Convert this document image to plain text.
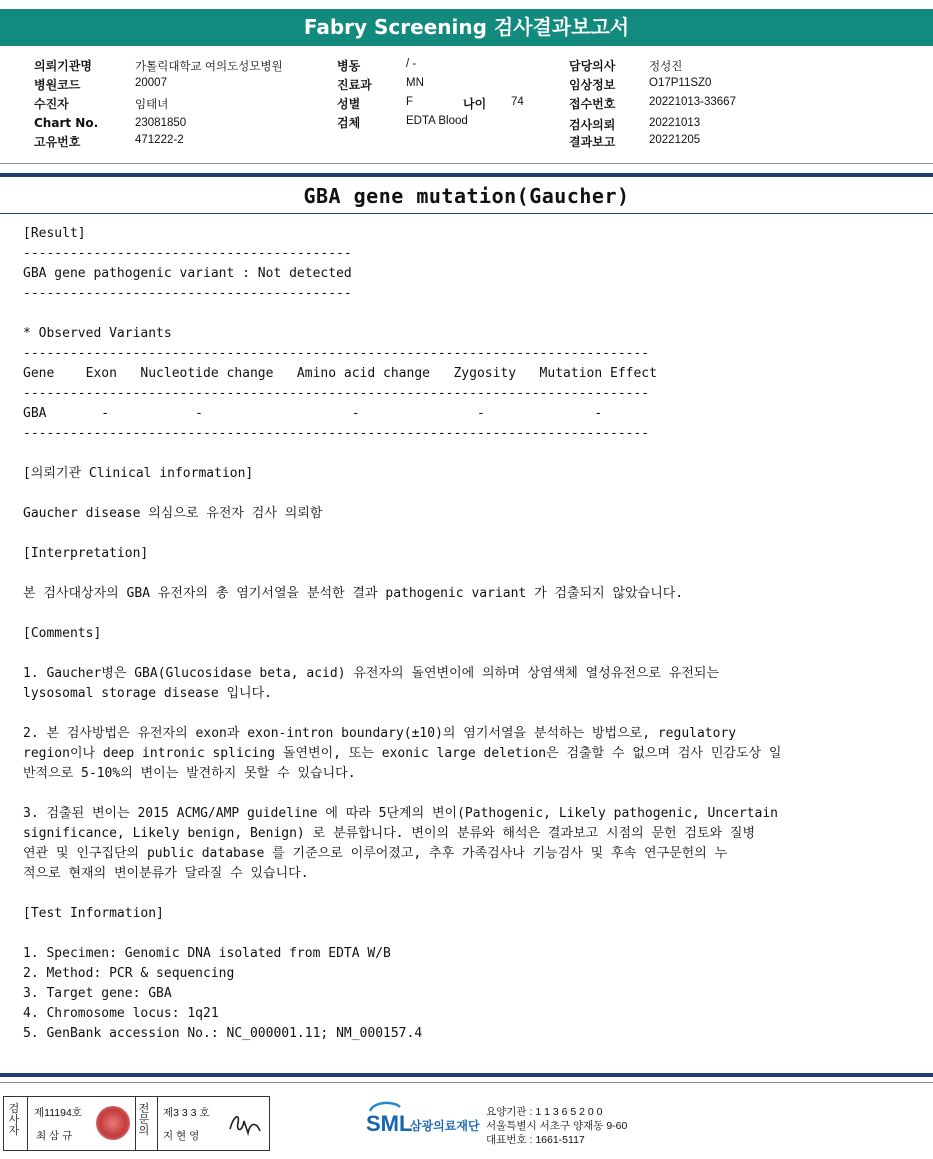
Fabry Screening 검사결과보고서
의뢰기관명	가톨릭대학교 여의도성모병원
병원코드	20007
수진자	임태녀
Chart No.	23081850
고유번호	471222-2
병동	/ -
진료과	MN
성별	F	나이 74
검체	EDTA Blood
담당의사	정성진
임상정보	O17P11SZ0
접수번호	20221013-33667
검사의뢰	20221013
결과보고	20221205
GBA gene mutation(Gaucher)
[Result]
------------------------------------------
GBA gene pathogenic variant : Not detected
------------------------------------------
* Observed Variants
--------------------------------------------------------------------------------
Gene    Exon   Nucleotide change   Amino acid change   Zygosity   Mutation Effect
--------------------------------------------------------------------------------
GBA       -           -                   -               -              -
--------------------------------------------------------------------------------
[의뢰기관 Clinical information]
Gaucher disease 의심으로 유전자 검사 의뢰함
[Interpretation]
본 검사대상자의 GBA 유전자의 총 염기서열을 분석한 결과 pathogenic variant 가 검출되지 않았습니다.
[Comments]
1. Gaucher병은 GBA(Glucosidase beta, acid) 유전자의 돌연변이에 의하며 상염색체 열성유전으로 유전되는
lysosomal storage disease 입니다.
2. 본 검사방법은 유전자의 exon과 exon-intron boundary(±10)의 염기서열을 분석하는 방법으로, regulatory
region이나 deep intronic splicing 돌연변이, 또는 exonic large deletion은 검출할 수 없으며 검사 민감도상 일
반적으로 5-10%의 변이는 발견하지 못할 수 있습니다.
3. 검출된 변이는 2015 ACMG/AMP guideline 에 따라 5단계의 변이(Pathogenic, Likely pathogenic, Uncertain
significance, Likely benign, Benign) 로 분류합니다. 변이의 분류와 해석은 결과보고 시점의 문헌 검토와 질병
연관 및 인구집단의 public database 를 기준으로 이루어졌고, 추후 가족검사나 기능검사 및 후속 연구문헌의 누
적으로 현재의 변이분류가 달라질 수 있습니다.
[Test Information]
1. Specimen: Genomic DNA isolated from EDTA W/B
2. Method: PCR & sequencing
3. Target gene: GBA
4. Chromosome locus: 1q21
5. GenBank accession No.: NC_000001.11; NM_000157.4
검사자
제11194호
최 삼 규
전문의
제3 3 3 호
지 현 영	SML
삼광의료재단
요양기관 : 1 1 3 6 5 2 0 0
서울특별시 서초구 양재동 9-60
대표번호 : 1661-5117
